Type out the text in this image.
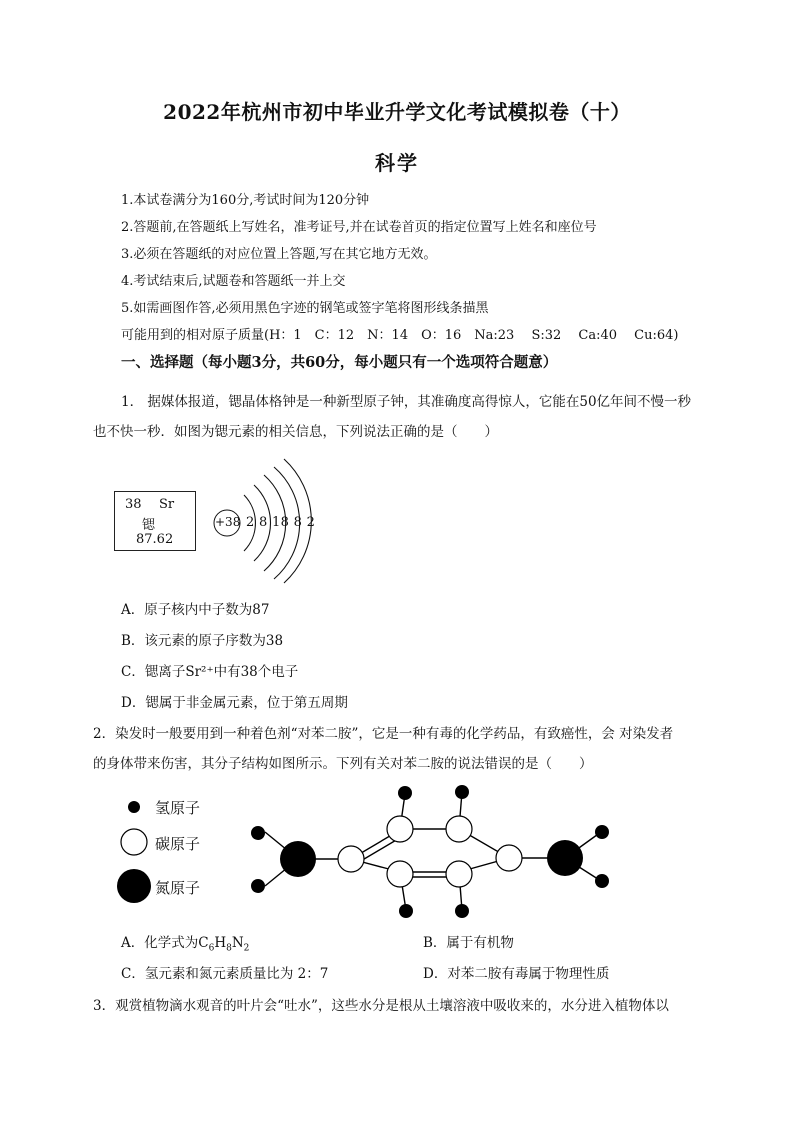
2022年杭州市初中毕业升学文化考试模拟卷（十）
科学
1.本试卷满分为160分,考试时间为120分钟
2.答题前,在答题纸上写姓名，准考证号,并在试卷首页的指定位置写上姓名和座位号
3.必须在答题纸的对应位置上答题,写在其它地方无效。
4.考试结束后,试题卷和答题纸一并上交
5.如需画图作答,必须用黑色字迹的钢笔或签字笔将图形线条描黑
可能用到的相对原子质量(H：1　C：12　N：14　O：16　Na:23　 S:32　 Ca:40　 Cu:64)
一、选择题（每小题3分，共60分，每小题只有一个选项符合题意）
1． 据媒体报道，锶晶体格钟是一种新型原子钟，其准确度高得惊人，它能在50亿年间不慢一秒
也不快一秒．如图为锶元素的相关信息，下列说法正确的是（　　）
38 Sr
锶
87.62
+38 2 8 18 8 2
A．原子核内中子数为87
B．该元素的原子序数为38
C．锶离子Sr²⁺中有38个电子
D．锶属于非金属元素，位于第五周期
2．染发时一般要用到一种着色剂“对苯二胺”，它是一种有毒的化学药品，有致癌性，会 对染发者
的身体带来伤害，其分子结构如图所示。下列有关对苯二胺的说法错误的是（　　）
氢原子
碳原子
氮原子
A．化学式为$C_6H_8N_2$	B．属于有机物
C．氢元素和氮元素质量比为 2：7	D．对苯二胺有毒属于物理性质
3．观赏植物滴水观音的叶片会“吐水”，这些水分是根从土壤溶液中吸收来的，水分进入植物体以
